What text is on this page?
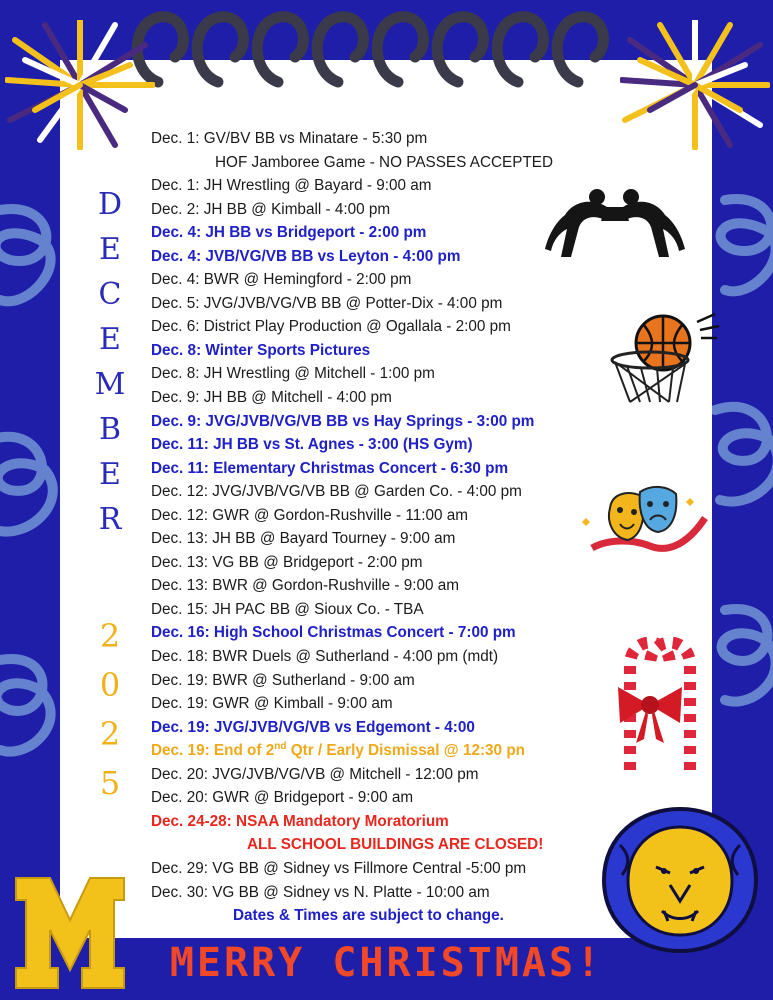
D
E
C
E
M
B
E
R
2
0
2
5
Dec. 1: GV/BV BB vs Minatare - 5:30 pm
HOF Jamboree Game - NO PASSES ACCEPTED
Dec. 1: JH Wrestling @ Bayard - 9:00 am
Dec. 2: JH BB @ Kimball - 4:00 pm
Dec. 4: JH BB vs Bridgeport - 2:00 pm
Dec. 4: JVB/VG/VB BB vs Leyton - 4:00 pm
Dec. 4: BWR @ Hemingford - 2:00 pm
Dec. 5: JVG/JVB/VG/VB BB @ Potter-Dix - 4:00 pm
Dec. 6: District Play Production @ Ogallala - 2:00 pm
Dec. 8: Winter Sports Pictures
Dec. 8: JH Wrestling @ Mitchell - 1:00 pm
Dec. 9: JH BB @ Mitchell - 4:00 pm
Dec. 9: JVG/JVB/VG/VB BB vs Hay Springs - 3:00 pm
Dec. 11: JH BB vs St. Agnes - 3:00 (HS Gym)
Dec. 11: Elementary Christmas Concert - 6:30 pm
Dec. 12: JVG/JVB/VG/VB BB @ Garden Co. - 4:00 pm
Dec. 12: GWR @ Gordon-Rushville - 11:00 am
Dec. 13: JH BB @ Bayard Tourney - 9:00 am
Dec. 13: VG BB @ Bridgeport - 2:00 pm
Dec. 13: BWR @ Gordon-Rushville - 9:00 am
Dec. 15: JH PAC BB @ Sioux Co. - TBA
Dec. 16: High School Christmas Concert - 7:00 pm
Dec. 18: BWR Duels @ Sutherland - 4:00 pm (mdt)
Dec. 19: BWR @ Sutherland - 9:00 am
Dec. 19: GWR @ Kimball - 9:00 am
Dec. 19: JVG/JVB/VG/VB vs Edgemont - 4:00
Dec. 19: End of 2nd Qtr / Early Dismissal @ 12:30 pn
Dec. 20: JVG/JVB/VG/VB @ Mitchell - 12:00 pm
Dec. 20: GWR @ Bridgeport - 9:00 am
Dec. 24-28: NSAA Mandatory Moratorium
ALL SCHOOL BUILDINGS ARE CLOSED!
Dec. 29: VG BB @ Sidney vs Fillmore Central -5:00 pm
Dec. 30: VG BB @ Sidney vs N. Platte - 10:00 am
Dates & Times are subject to change.
MERRY CHRISTMAS!
